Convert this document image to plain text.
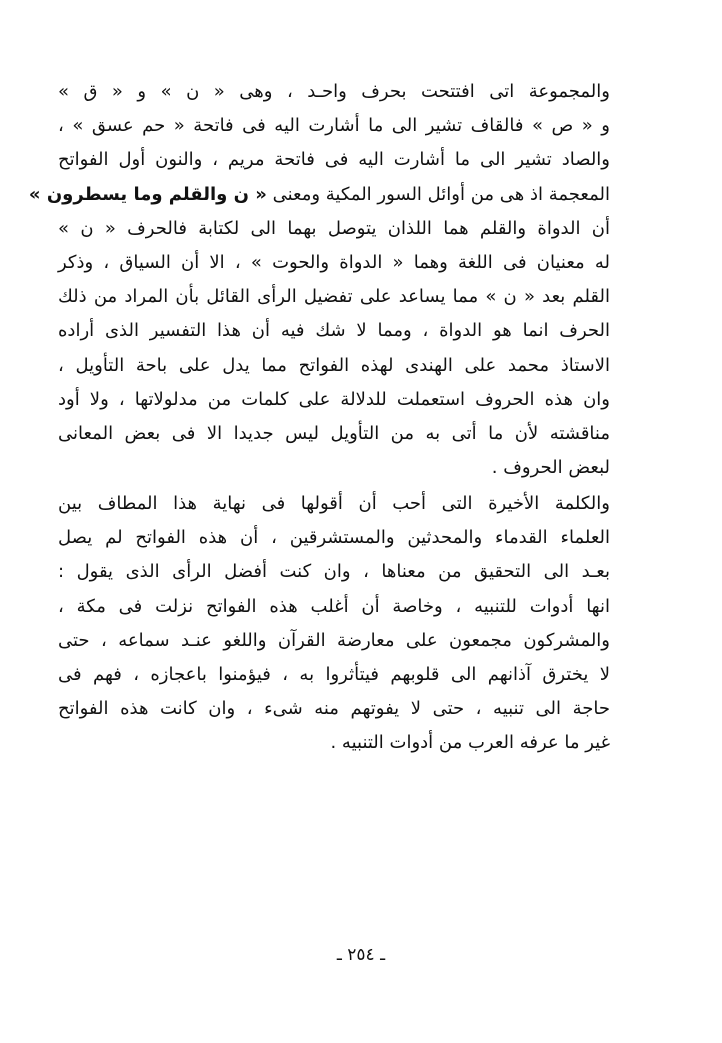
والمجموعة اتى افتتحت بحرف واحـد ، وهى « ن » و « ق »
و « ص » فالقاف تشير الى ما أشارت اليه فى فاتحة « حم عسق » ،
والصاد تشير الى ما أشارت اليه فى فاتحة مريم ، والنون أول الفواتح
المعجمة اذ هى من أوائل السور المكية ومعنى « ن والقلم وما يسطرون »
أن الدواة والقلم هما اللذان يتوصل بهما الى لكتابة فالحرف « ن »
له معنيان فى اللغة وهما « الدواة والحوت » ، الا أن السياق ، وذكر
القلم بعد « ن » مما يساعد على تفضيل الرأى القائل بأن المراد من ذلك
الحرف انما هو الدواة ، ومما لا شك فيه أن هذا التفسير الذى أراده
الاستاذ محمد على الهندى لهذه الفواتح مما يدل على باحة التأويل ،
وان هذه الحروف استعملت للدلالة على كلمات من مدلولاتها ، ولا أود
مناقشته لأن ما أتى به من التأويل ليس جديدا الا فى بعض المعانى
لبعض الحروف .
والكلمة الأخيرة التى أحب أن أقولها فى نهاية هذا المطاف بين
العلماء القدماء والمحدثين والمستشرقين ، أن هذه الفواتح لم يصل
بعـد الى التحقيق من معناها ، وان كنت أفضل الرأى الذى يقول :
انها أدوات للتنبيه ، وخاصة أن أغلب هذه الفواتح نزلت فى مكة ،
والمشركون مجمعون على معارضة القرآن واللغو عنـد سماعه ، حتى
لا يخترق آذانهم الى قلوبهم فيتأثروا به ، فيؤمنوا باعجازه ، فهم فى
حاجة الى تنبيه ، حتى لا يفوتهم منه شىء ، وان كانت هذه الفواتح
غير ما عرفه العرب من أدوات التنبيه .
ـ ٢٥٤ ـ
